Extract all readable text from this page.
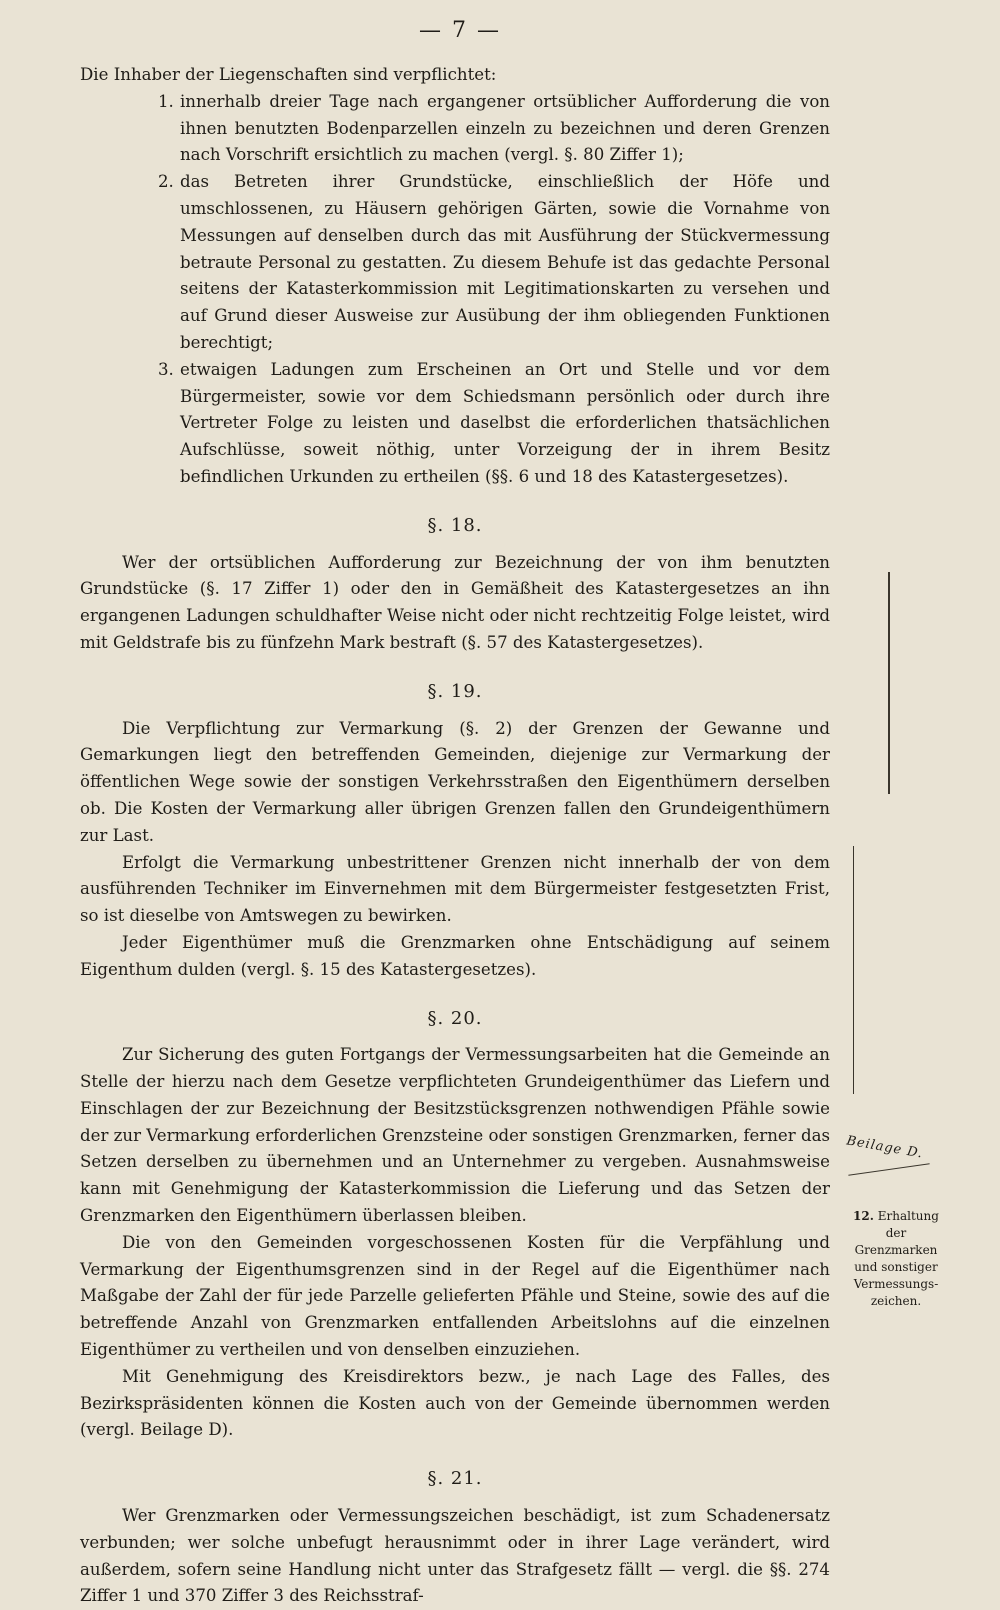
— 7 —

Die Inhaber der Liegenschaften sind verpflichtet:

1. innerhalb dreier Tage nach ergangener ortsüblicher Aufforderung die von ihnen benutzten Bodenparzellen einzeln zu bezeichnen und deren Grenzen nach Vorschrift ersichtlich zu machen (vergl. §. 80 Ziffer 1);
2. das Betreten ihrer Grundstücke, einschließlich der Höfe und umschlossenen, zu Häusern gehörigen Gärten, sowie die Vornahme von Messungen auf denselben durch das mit Ausführung der Stückvermessung betraute Personal zu gestatten. Zu diesem Behufe ist das gedachte Personal seitens der Katasterkommission mit Legitimationskarten zu versehen und auf Grund dieser Ausweise zur Ausübung der ihm obliegenden Funktionen berechtigt;
3. etwaigen Ladungen zum Erscheinen an Ort und Stelle und vor dem Bürgermeister, sowie vor dem Schiedsmann persönlich oder durch ihre Vertreter Folge zu leisten und daselbst die erforderlichen thatsächlichen Aufschlüsse, soweit nöthig, unter Vorzeigung der in ihrem Besitz befindlichen Urkunden zu ertheilen (§§. 6 und 18 des Katastergesetzes).
§. 18.

Wer der ortsüblichen Aufforderung zur Bezeichnung der von ihm benutzten Grundstücke (§. 17 Ziffer 1) oder den in Gemäßheit des Katastergesetzes an ihn ergangenen Ladungen schuldhafter Weise nicht oder nicht rechtzeitig Folge leistet, wird mit Geldstrafe bis zu fünfzehn Mark bestraft (§. 57 des Katastergesetzes).

§. 19.

Die Verpflichtung zur Vermarkung (§. 2) der Grenzen der Gewanne und Gemarkungen liegt den betreffenden Gemeinden, diejenige zur Vermarkung der öffentlichen Wege sowie der sonstigen Verkehrsstraßen den Eigenthümern derselben ob. Die Kosten der Vermarkung aller übrigen Grenzen fallen den Grundeigenthümern zur Last.

Erfolgt die Vermarkung unbestrittener Grenzen nicht innerhalb der von dem ausführenden Techniker im Einvernehmen mit dem Bürgermeister festgesetzten Frist, so ist dieselbe von Amtswegen zu bewirken.

Jeder Eigenthümer muß die Grenzmarken ohne Entschädigung auf seinem Eigenthum dulden (vergl. §. 15 des Katastergesetzes).

§. 20.

Zur Sicherung des guten Fortgangs der Vermessungsarbeiten hat die Gemeinde an Stelle der hierzu nach dem Gesetze verpflichteten Grundeigenthümer das Liefern und Einschlagen der zur Bezeichnung der Besitzstücksgrenzen nothwendigen Pfähle sowie der zur Vermarkung erforderlichen Grenzsteine oder sonstigen Grenzmarken, ferner das Setzen derselben zu übernehmen und an Unternehmer zu vergeben. Ausnahmsweise kann mit Genehmigung der Katasterkommission die Lieferung und das Setzen der Grenzmarken den Eigenthümern überlassen bleiben.

Die von den Gemeinden vorgeschossenen Kosten für die Verpfählung und Vermarkung der Eigenthumsgrenzen sind in der Regel auf die Eigenthümer nach Maßgabe der Zahl der für jede Parzelle gelieferten Pfähle und Steine, sowie des auf die betreffende Anzahl von Grenzmarken entfallenden Arbeitslohns auf die einzelnen Eigenthümer zu vertheilen und von denselben einzuziehen.

Mit Genehmigung des Kreisdirektors bezw., je nach Lage des Falles, des Bezirkspräsidenten können die Kosten auch von der Gemeinde übernommen werden (vergl. Beilage D).

§. 21.

Wer Grenzmarken oder Vermessungszeichen beschädigt, ist zum Schadenersatz verbunden; wer solche unbefugt herausnimmt oder in ihrer Lage verändert, wird außerdem, sofern seine Handlung nicht unter das Strafgesetz fällt — vergl. die §§. 274 Ziffer 1 und 370 Ziffer 3 des Reichsstraf-

Beilage D.
12. Erhaltung
der
Grenzmarken
und sonstiger
Vermessungs-
zeichen.
